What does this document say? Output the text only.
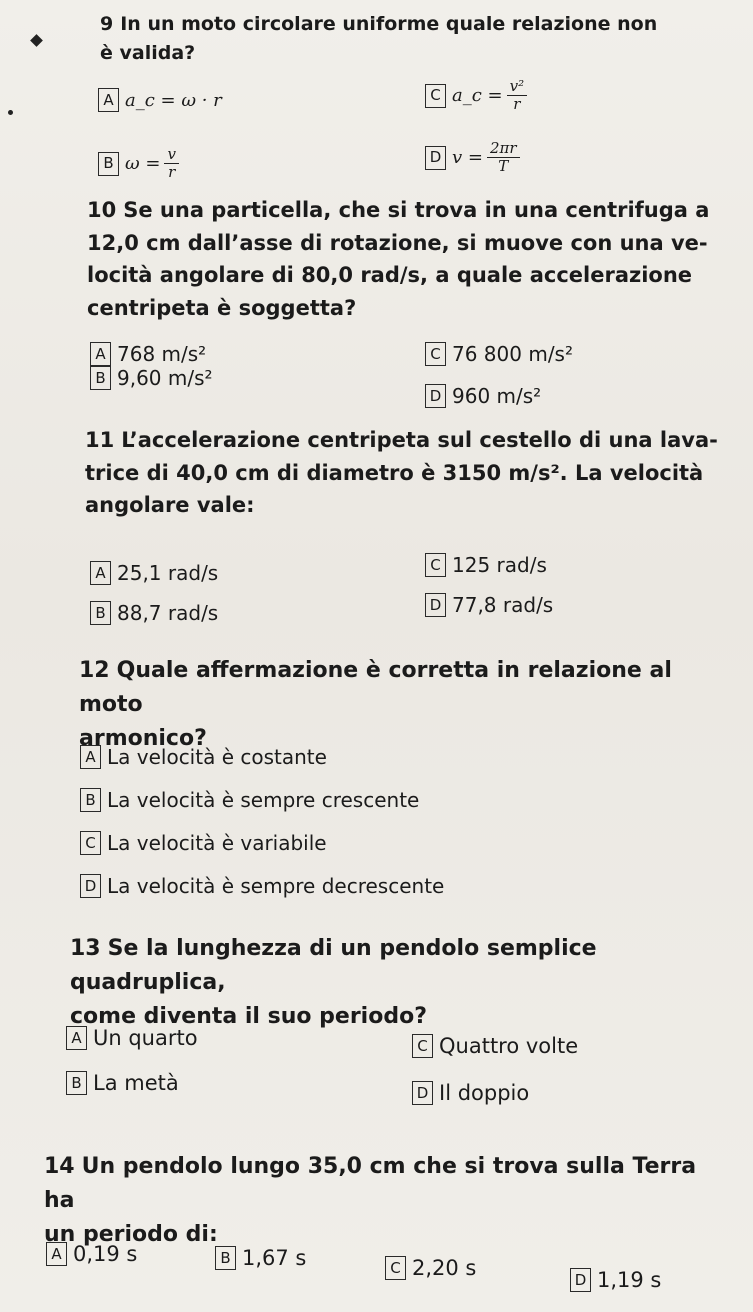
9 In un moto circolare uniforme quale relazione non è valida?
A a_c = ω · r
B $\omega = \frac{v}{r}$
C a_c = $\frac{\text{v²}}{r}$
D $v = \frac{2\pi r}{T}$
10 Se una particella, che si trova in una centrifuga a
12,0 cm dall’asse di rotazione, si muove con una ve-
locità angolare di 80,0 rad/s, a quale accelerazione
centripeta è soggetta?
A 768 m/s²
B 9,60 m/s²
C 76 800 m/s²
D 960 m/s²
11 L’accelerazione centripeta sul cestello di una lava-
trice di 40,0 cm di diametro è 3150 m/s². La velocità
angolare vale:
A 25,1 rad/s
B 88,7 rad/s
C 125 rad/s
D 77,8 rad/s
12 Quale affermazione è corretta in relazione al moto
armonico?
A La velocità è costante
B La velocità è sempre crescente
C La velocità è variabile
D La velocità è sempre decrescente
13 Se la lunghezza di un pendolo semplice quadruplica,
come diventa il suo periodo?
A Un quarto
B La metà
C Quattro volte
D Il doppio
14 Un pendolo lungo 35,0 cm che si trova sulla Terra ha
un periodo di:
A 0,19 s	B 1,67 s	C 2,20 s	D 1,19 s
